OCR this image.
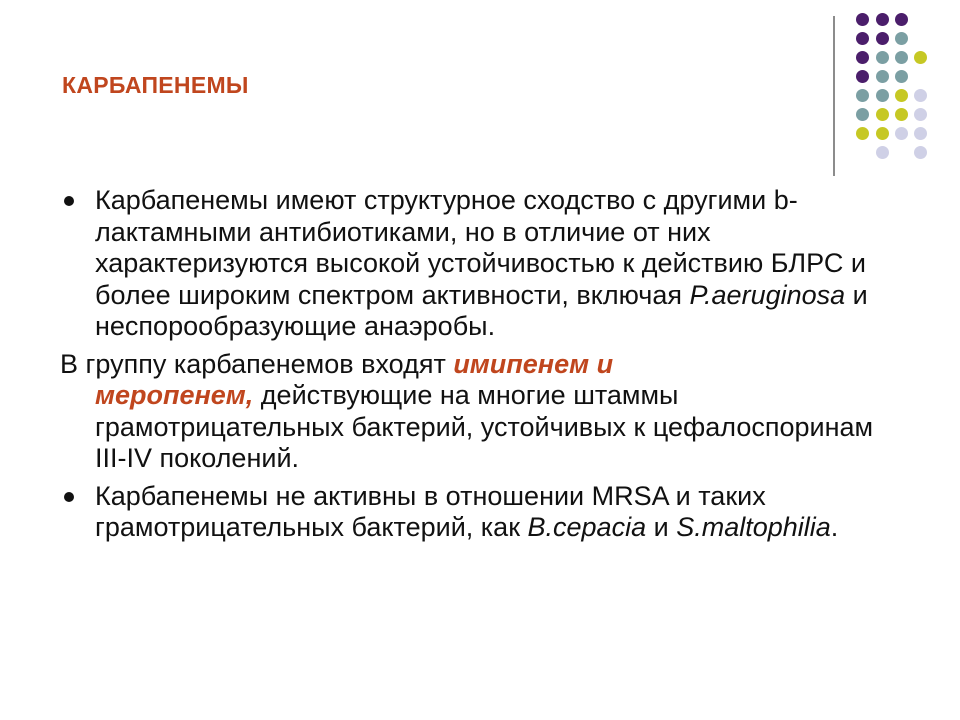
КАРБАПЕНЕМЫ

Карбапенемы имеют структурное сходство с другими b-лактамными антибиотиками, но в отличие от них характеризуются высокой устойчивостью к действию БЛРС и более широким спектром активности, включая P.aeruginosa и неспорообразующие анаэробы.

В группу карбапенемов входят имипенем и
меропенем, действующие на многие штаммы грамотрицательных бактерий, устойчивых к цефалоспоринам III-IV поколений.

Карбапенемы не активны в отношении MRSA и таких грамотрицательных бактерий, как B.cepacia и S.maltophilia.
